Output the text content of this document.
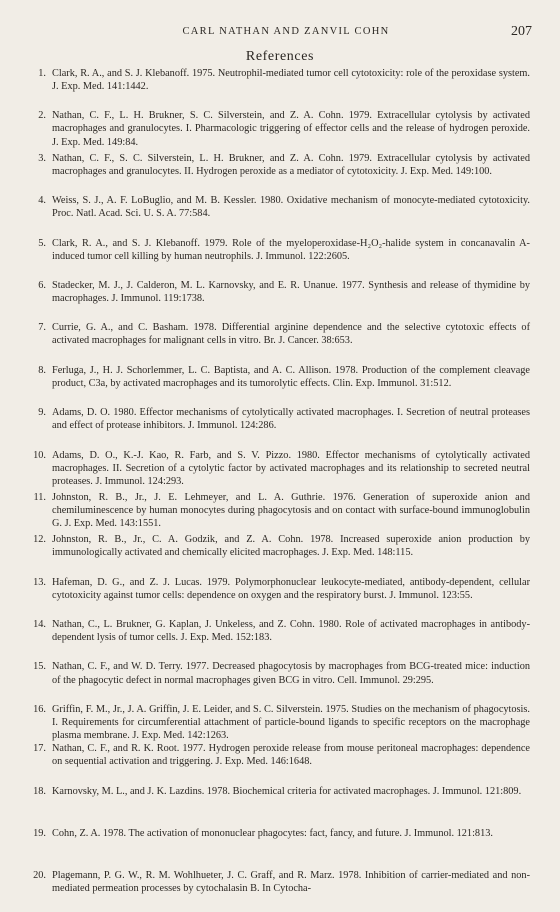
CARL NATHAN AND ZANVIL COHN	207
References
1. Clark, R. A., and S. J. Klebanoff. 1975. Neutrophil-mediated tumor cell cytotoxicity: role of the peroxidase system. J. Exp. Med. 141:1442.
2. Nathan, C. F., L. H. Brukner, S. C. Silverstein, and Z. A. Cohn. 1979. Extracellular cytolysis by activated macrophages and granulocytes. I. Pharmacologic triggering of effector cells and the release of hydrogen peroxide. J. Exp. Med. 149:84.
3. Nathan, C. F., S. C. Silverstein, L. H. Brukner, and Z. A. Cohn. 1979. Extracellular cytolysis by activated macrophages and granulocytes. II. Hydrogen peroxide as a mediator of cytotoxicity. J. Exp. Med. 149:100.
4. Weiss, S. J., A. F. LoBuglio, and M. B. Kessler. 1980. Oxidative mechanism of monocyte-mediated cytotoxicity. Proc. Natl. Acad. Sci. U. S. A. 77:584.
5. Clark, R. A., and S. J. Klebanoff. 1979. Role of the myeloperoxidase-H₂O₂-halide system in concanavalin A-induced tumor cell killing by human neutrophils. J. Immunol. 122:2605.
6. Stadecker, M. J., J. Calderon, M. L. Karnovsky, and E. R. Unanue. 1977. Synthesis and release of thymidine by macrophages. J. Immunol. 119:1738.
7. Currie, G. A., and C. Basham. 1978. Differential arginine dependence and the selective cytotoxic effects of activated macrophages for malignant cells in vitro. Br. J. Cancer. 38:653.
8. Ferluga, J., H. J. Schorlemmer, L. C. Baptista, and A. C. Allison. 1978. Production of the complement cleavage product, C3a, by activated macrophages and its tumorolytic effects. Clin. Exp. Immunol. 31:512.
9. Adams, D. O. 1980. Effector mechanisms of cytolytically activated macrophages. I. Secretion of neutral proteases and effect of protease inhibitors. J. Immunol. 124:286.
10. Adams, D. O., K.-J. Kao, R. Farb, and S. V. Pizzo. 1980. Effector mechanisms of cytolytically activated macrophages. II. Secretion of a cytolytic factor by activated macrophages and its relationship to secreted neutral proteases. J. Immunol. 124:293.
11. Johnston, R. B., Jr., J. E. Lehmeyer, and L. A. Guthrie. 1976. Generation of superoxide anion and chemiluminescence by human monocytes during phagocytosis and on contact with surface-bound immunoglobulin G. J. Exp. Med. 143:1551.
12. Johnston, R. B., Jr., C. A. Godzik, and Z. A. Cohn. 1978. Increased superoxide anion production by immunologically activated and chemically elicited macrophages. J. Exp. Med. 148:115.
13. Hafeman, D. G., and Z. J. Lucas. 1979. Polymorphonuclear leukocyte-mediated, antibody-dependent, cellular cytotoxicity against tumor cells: dependence on oxygen and the respiratory burst. J. Immunol. 123:55.
14. Nathan, C., L. Brukner, G. Kaplan, J. Unkeless, and Z. Cohn. 1980. Role of activated macrophages in antibody-dependent lysis of tumor cells. J. Exp. Med. 152:183.
15. Nathan, C. F., and W. D. Terry. 1977. Decreased phagocytosis by macrophages from BCG-treated mice: induction of the phagocytic defect in normal macrophages given BCG in vitro. Cell. Immunol. 29:295.
16. Griffin, F. M., Jr., J. A. Griffin, J. E. Leider, and S. C. Silverstein. 1975. Studies on the mechanism of phagocytosis. I. Requirements for circumferential attachment of particle-bound ligands to specific receptors on the macrophage plasma membrane. J. Exp. Med. 142:1263.
17. Nathan, C. F., and R. K. Root. 1977. Hydrogen peroxide release from mouse peritoneal macrophages: dependence on sequential activation and triggering. J. Exp. Med. 146:1648.
18. Karnovsky, M. L., and J. K. Lazdins. 1978. Biochemical criteria for activated macrophages. J. Immunol. 121:809.
19. Cohn, Z. A. 1978. The activation of mononuclear phagocytes: fact, fancy, and future. J. Immunol. 121:813.
20. Plagemann, P. G. W., R. M. Wohlhueter, J. C. Graff, and R. Marz. 1978. Inhibition of carrier-mediated and non-mediated permeation processes by cytochalasin B. In Cytocha-
